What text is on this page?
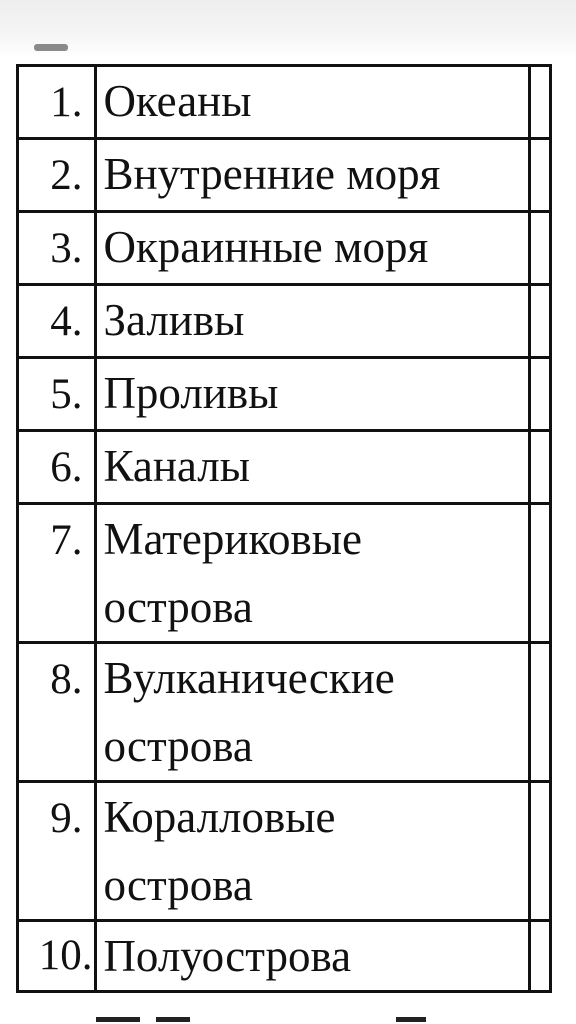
1.	Океаны	

2.	Внутренние моря	

3.	Окраинные моря	

4.	Заливы	

5.	Проливы	

6.	Каналы	

7.	Материковые острова	

8.	Вулканические острова	

9.	Коралловые острова	

10.	Полуострова	
